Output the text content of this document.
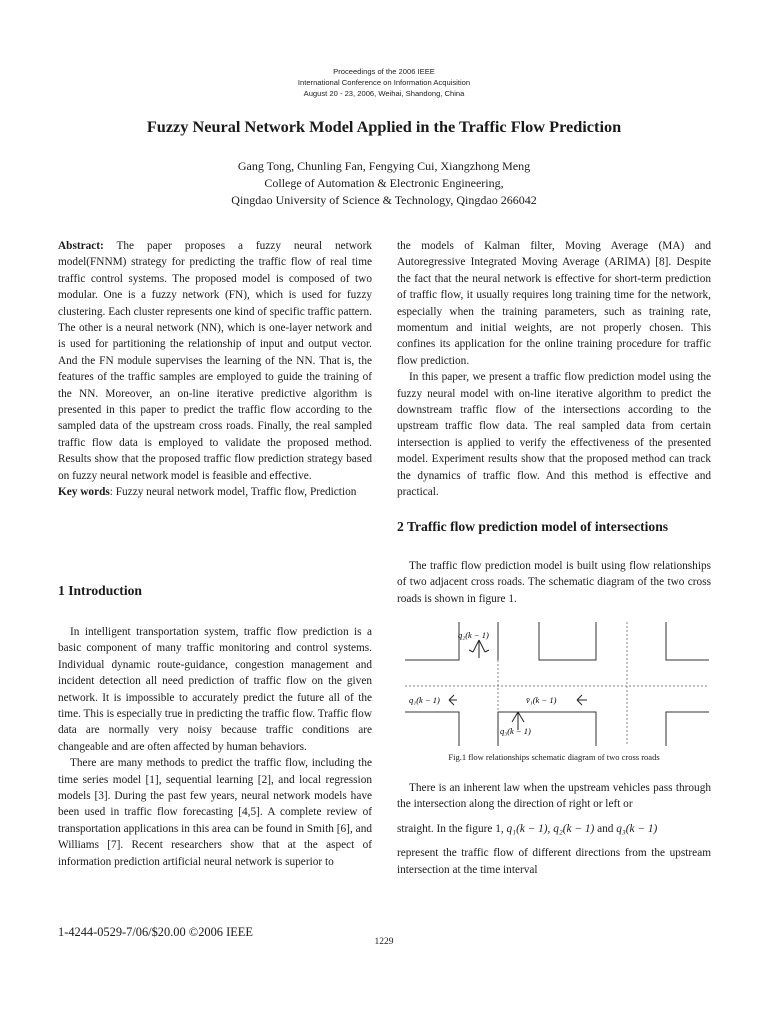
Proceedings of the 2006 IEEE
International Conference on Information Acquisition
August 20 - 23, 2006, Weihai, Shandong, China
Fuzzy Neural Network Model Applied in the Traffic Flow Prediction
Gang Tong, Chunling Fan, Fengying Cui, Xiangzhong Meng
College of Automation & Electronic Engineering,
Qingdao University of Science & Technology, Qingdao 266042

Abstract: The paper proposes a fuzzy neural network model(FNNM) strategy for predicting the traffic flow of real time traffic control systems. The proposed model is composed of two modular. One is a fuzzy network (FN), which is used for fuzzy clustering. Each cluster represents one kind of specific traffic pattern. The other is a neural network (NN), which is one-layer network and is used for partitioning the relationship of input and output vector. And the FN module supervises the learning of the NN. That is, the features of the traffic samples are employed to guide the training of the NN. Moreover, an on-line iterative predictive algorithm is presented in this paper to predict the traffic flow according to the sampled data of the upstream cross roads. Finally, the real sampled traffic flow data is employed to validate the proposed method. Results show that the proposed traffic flow prediction strategy based on fuzzy neural network model is feasible and effective.

Key words: Fuzzy neural network model, Traffic flow, Prediction

1 Introduction

In intelligent transportation system, traffic flow prediction is a basic component of many traffic monitoring and control systems. Individual dynamic route-guidance, congestion management and incident detection all need prediction of traffic flow on the given network. It is impossible to accurately predict the future all of the time. This is especially true in predicting the traffic flow. Traffic flow data are normally very noisy because traffic conditions are changeable and are often affected by human behaviors.

There are many methods to predict the traffic flow, including the time series model [1], sequential learning [2], and local regression models [3]. During the past few years, neural network models have been used in traffic flow forecasting [4,5]. A complete review of transportation applications in this area can be found in Smith [6], and Williams [7]. Recent researchers show that at the aspect of information prediction artificial neural network is superior to

the models of Kalman filter, Moving Average (MA) and Autoregressive Integrated Moving Average (ARIMA) [8]. Despite the fact that the neural network is effective for short-term prediction of traffic flow, it usually requires long training time for the network, especially when the training parameters, such as training rate, momentum and initial weights, are not properly chosen. This confines its application for the online training procedure for traffic flow prediction.

In this paper, we present a traffic flow prediction model using the fuzzy neural model with on-line iterative algorithm to predict the downstream traffic flow of the intersections according to the upstream traffic flow data. The real sampled data from certain intersection is applied to verify the effectiveness of the presented model. Experiment results show that the proposed method can track the dynamics of traffic flow. And this method is effective and practical.

2 Traffic flow prediction model of intersections

The traffic flow prediction model is built using flow relationships of two adjacent cross roads. The schematic diagram of the two cross roads is shown in figure 1.

q₂(k − 1)
q₁(k − 1)	v̄₁(k − 1)
q₃(k − 1)
Fig.1 flow relationships schematic diagram of two cross roads

There is an inherent law when the upstream vehicles pass through the intersection along the direction of right or left or

straight. In the figure 1, q₁(k − 1), q₂(k − 1) and q₃(k − 1)

represent the traffic flow of different directions from the upstream intersection at the time interval

1-4244-0529-7/06/$20.00 ©2006 IEEE
1229
